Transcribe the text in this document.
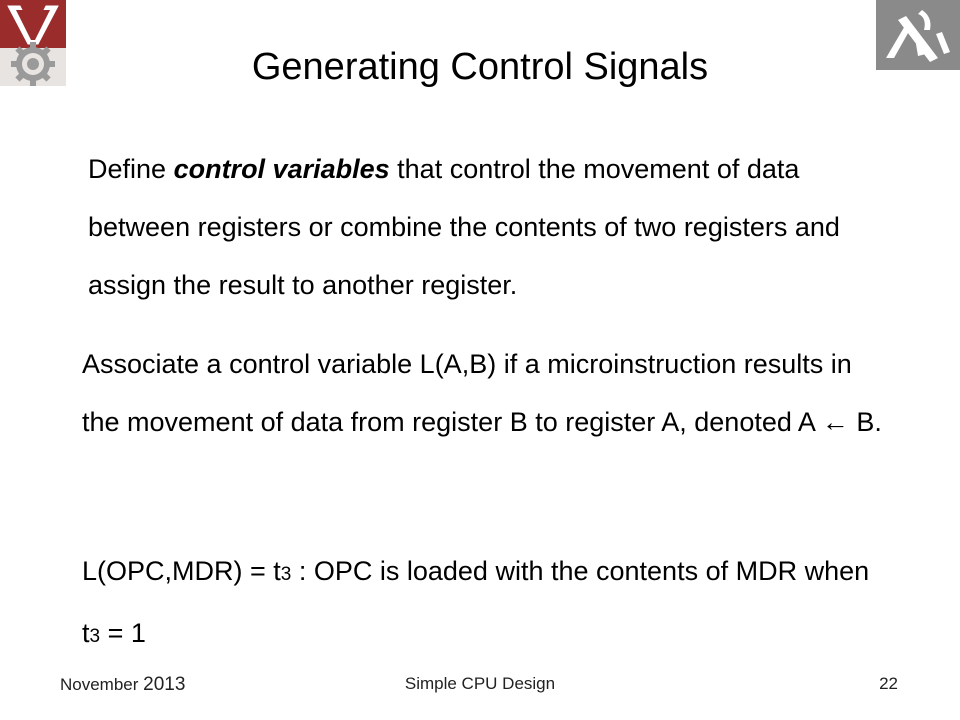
Generating Control Signals

Define control variables that control the movement of data between registers or combine the contents of two registers and assign the result to another register.

Associate a control variable L(A,B) if a microinstruction results in the movement of data from register B to register A, denoted A ← B.

L(OPC,MDR) = t3 : OPC is loaded with the contents of MDR when t3 = 1

November 2013	Simple CPU Design	22
